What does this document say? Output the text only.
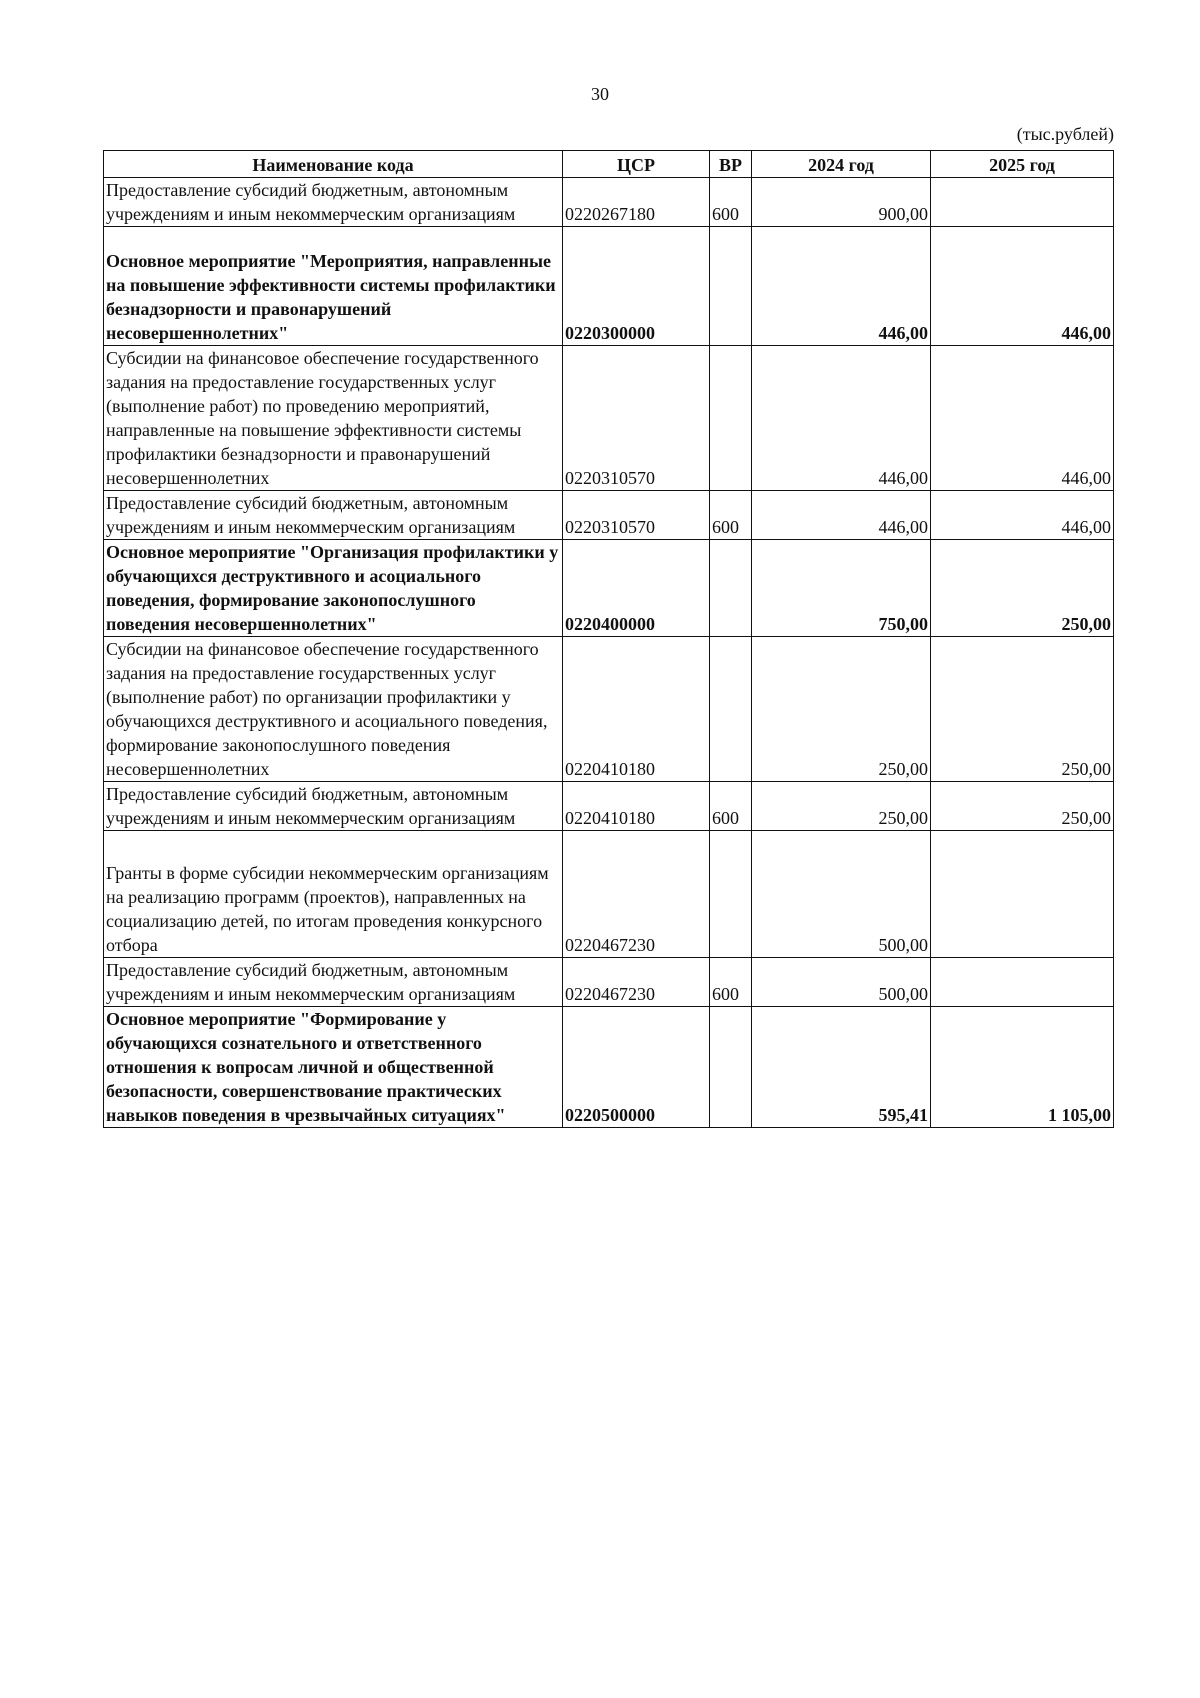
30
(тыс.рублей)
Наименование кода	ЦСР	ВР	2024 год	2025 год
Предоставление субсидий бюджетным, автономным учреждениям и иным некоммерческим организациям	0220267180	600	900,00	
Основное мероприятие "Мероприятия, направленные на повышение эффективности системы профилактики безнадзорности и правонарушений несовершеннолетних"	0220300000		446,00	446,00
Субсидии на финансовое обеспечение государственного задания на предоставление государственных услуг (выполнение работ) по проведению мероприятий, направленные на повышение эффективности системы профилактики безнадзорности и правонарушений несовершеннолетних	0220310570		446,00	446,00
Предоставление субсидий бюджетным, автономным учреждениям и иным некоммерческим организациям	0220310570	600	446,00	446,00
Основное мероприятие "Организация профилактики у обучающихся деструктивного и асоциального поведения, формирование законопослушного поведения несовершеннолетних"	0220400000		750,00	250,00
Субсидии на финансовое обеспечение государственного задания на предоставление государственных услуг (выполнение работ) по организации профилактики у обучающихся деструктивного и асоциального поведения, формирование законопослушного поведения несовершеннолетних	0220410180		250,00	250,00
Предоставление субсидий бюджетным, автономным учреждениям и иным некоммерческим организациям	0220410180	600	250,00	250,00
Гранты в форме субсидии некоммерческим организациям на реализацию программ (проектов), направленных на социализацию детей, по итогам проведения конкурсного отбора	0220467230		500,00	
Предоставление субсидий бюджетным, автономным учреждениям и иным некоммерческим организациям	0220467230	600	500,00	
Основное мероприятие "Формирование у обучающихся сознательного и ответственного отношения к вопросам личной и общественной безопасности, совершенствование практических навыков поведения в чрезвычайных ситуациях"	0220500000		595,41	1 105,00
